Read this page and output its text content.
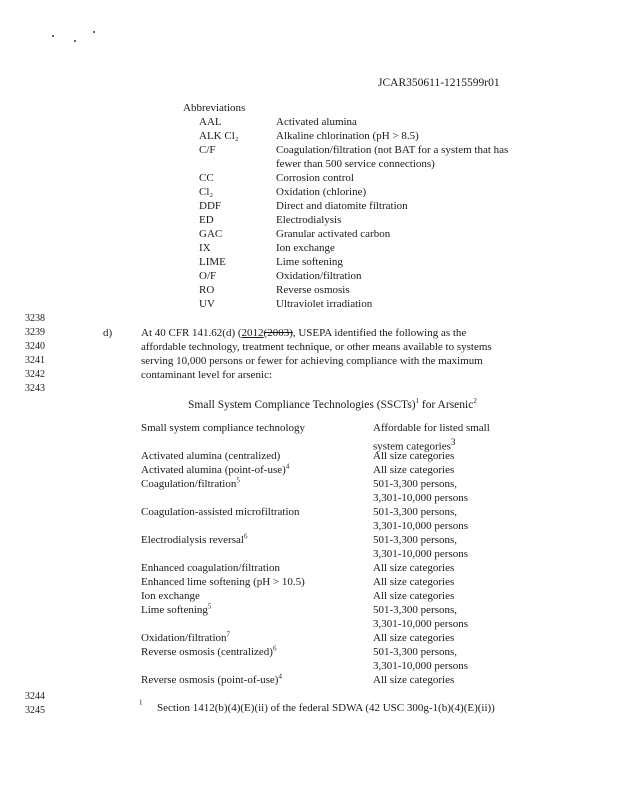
JCAR350611-1215599r01
Abbreviations
AAL	Activated alumina
ALK Cl₂	Alkaline chlorination (pH > 8.5)
C/F	Coagulation/filtration (not BAT for a system that has
fewer than 500 service connections)
CC	Corrosion control
Cl₂	Oxidation (chlorine)
DDF	Direct and diatomite filtration
ED	Electrodialysis
GAC	Granular activated carbon
IX	Ion exchange
LIME	Lime softening
O/F	Oxidation/filtration
RO	Reverse osmosis
UV	Ultraviolet irradiation
3238
3239
3240
3241
3242
3243
3244
3245
d)	At 40 CFR 141.62(d) (2012(2003), USEPA identified the following as the
affordable technology, treatment technique, or other means available to systems
serving 10,000 persons or fewer for achieving compliance with the maximum
contaminant level for arsenic:
Small System Compliance Technologies (SSCTs)$^1$ for Arsenic$^2$
Small system compliance technology	Affordable for listed small
system categories$^3$
Activated alumina (centralized)	All size categories
Activated alumina (point-of-use)$^4$	All size categories
Coagulation/filtration$^5$	501-3,300 persons,
3,301-10,000 persons
Coagulation-assisted microfiltration	501-3,300 persons,
3,301-10,000 persons
Electrodialysis reversal$^6$	501-3,300 persons,
3,301-10,000 persons
Enhanced coagulation/filtration	All size categories
Enhanced lime softening (pH > 10.5)	All size categories
Ion exchange	All size categories
Lime softening$^5$	501-3,300 persons,
3,301-10,000 persons
Oxidation/filtration$^7$	All size categories
Reverse osmosis (centralized)$^6$	501-3,300 persons,
3,301-10,000 persons
Reverse osmosis (point-of-use)$^4$	All size categories
$^1$ Section 1412(b)(4)(E)(ii) of the federal SDWA (42 USC 300g-1(b)(4)(E)(ii))
